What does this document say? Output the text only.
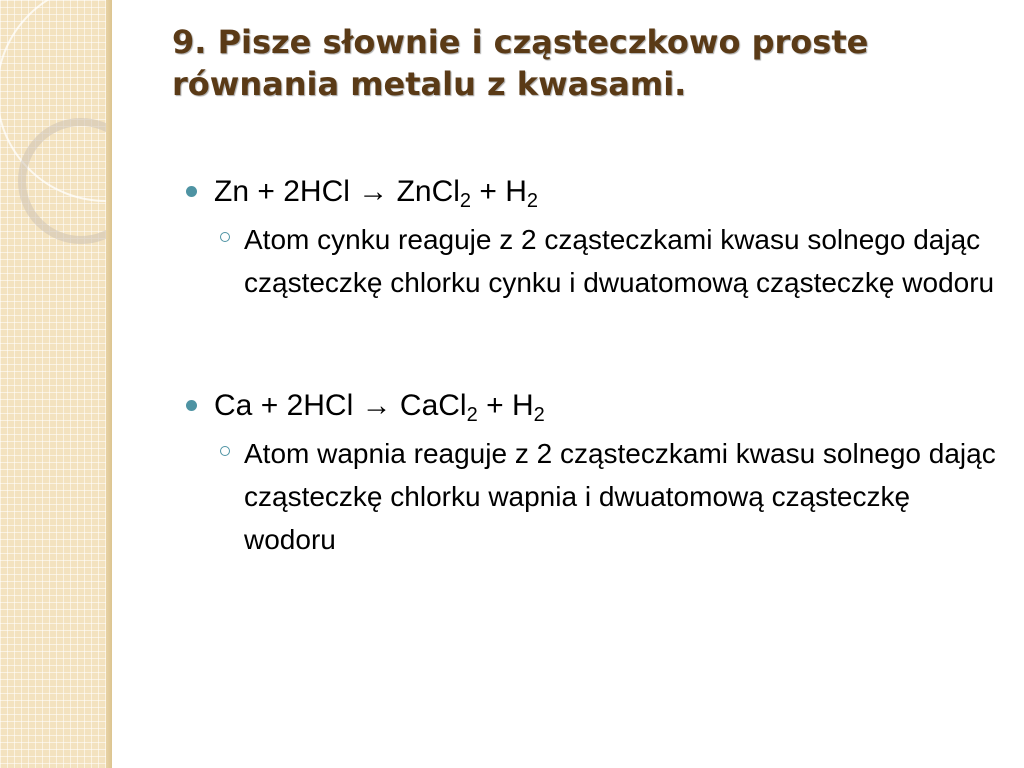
9. Pisze słownie i cząsteczkowo proste
równania metalu z kwasami.

Zn + 2HCl → ZnCl$_2$ + $H_2$

Atom cynku reaguje z 2 cząsteczkami kwasu solnego dając cząsteczkę chlorku cynku i dwuatomową cząsteczkę wodoru

Ca + 2HCl → CaCl$_2$ + $H_2$

Atom wapnia reaguje z 2 cząsteczkami kwasu solnego dając cząsteczkę chlorku wapnia i dwuatomową cząsteczkę wodoru
